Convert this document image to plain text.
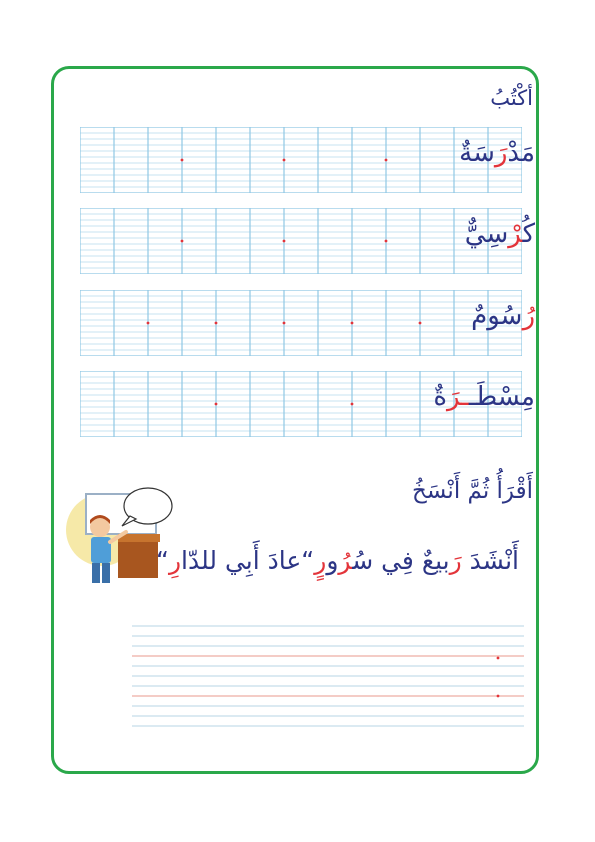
أكْتُبُ
مَدْرَسَةٌ
كُرْسِيٌّ
رُسُومٌ
مِسْطَــرَةٌ
أَقْرَأُ ثُمَّ أَنْسَخُ
أَنْشَدَ رَبيعٌ فِي سُرُورٍ“عادَ أَبِي للدّارِ“
